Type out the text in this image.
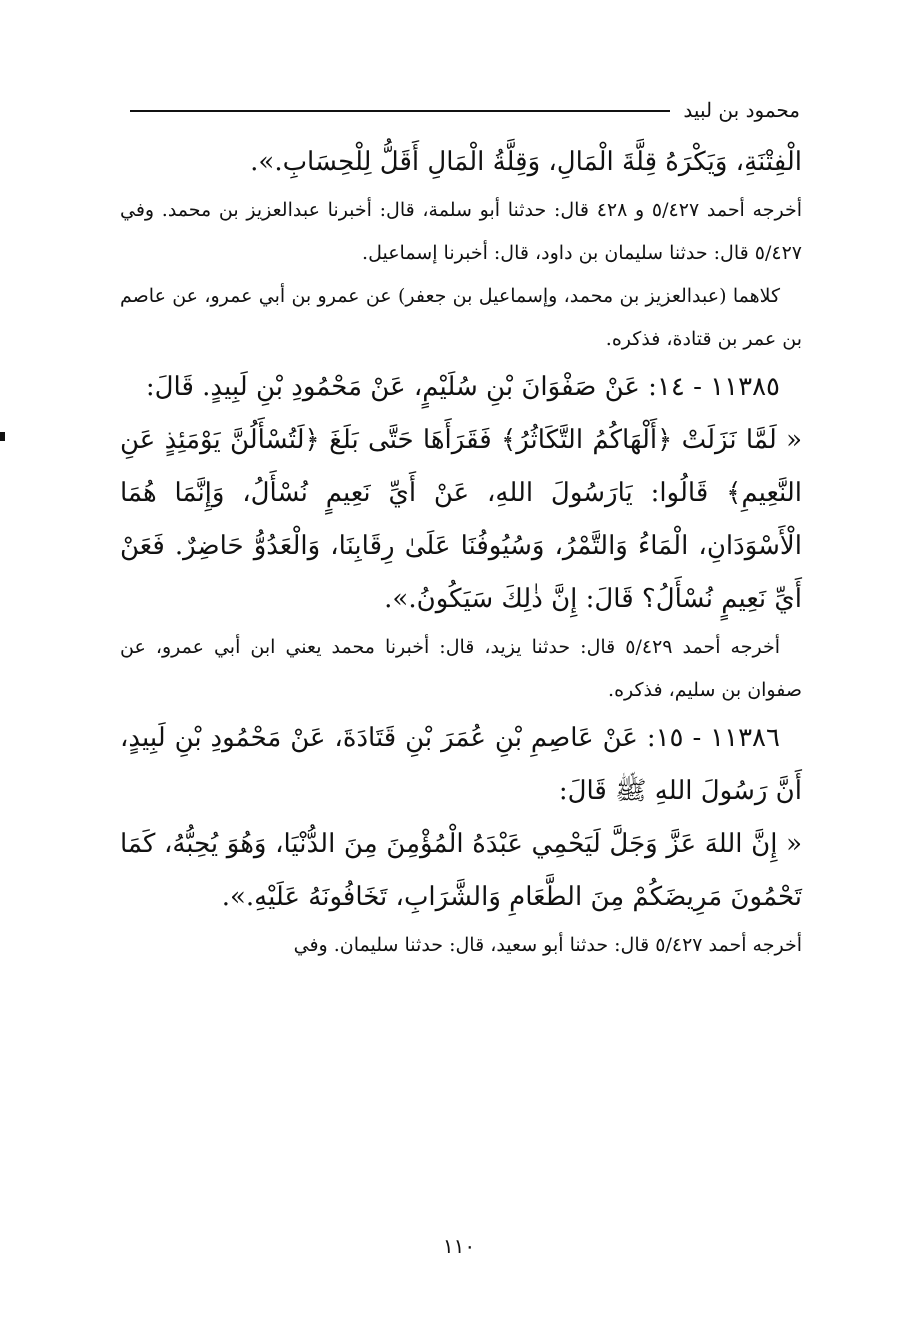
محمود بن لبيد

الْفِتْنَةِ، وَيَكْرَهُ قِلَّةَ الْمَالِ، وَقِلَّةُ الْمَالِ أَقَلُّ لِلْحِسَابِ.».

أخرجه أحمد ٥/٤٢٧ و ٤٢٨ قال: حدثنا أبو سلمة، قال: أخبرنا عبدالعزيز بن محمد. وفي ٥/٤٢٧ قال: حدثنا سليمان بن داود، قال: أخبرنا إسماعيل.

كلاهما (عبدالعزيز بن محمد، وإسماعيل بن جعفر) عن عمرو بن أبي عمرو، عن عاصم بن عمر بن قتادة، فذكره.

١١٣٨٥ - ١٤: عَنْ صَفْوَانَ بْنِ سُلَيْمٍ، عَنْ مَحْمُودِ بْنِ لَبِيدٍ. قَالَ:

« لَمَّا نَزَلَتْ ﴿أَلْهَاكُمُ التَّكَاثُرُ﴾ فَقَرَأَهَا حَتَّى بَلَغَ ﴿لَتُسْأَلُنَّ يَوْمَئِذٍ عَنِ النَّعِيمِ﴾ قَالُوا: يَارَسُولَ اللهِ، عَنْ أَيِّ نَعِيمٍ نُسْأَلُ، وَإِنَّمَا هُمَا الْأَسْوَدَانِ، الْمَاءُ وَالتَّمْرُ، وَسُيُوفُنَا عَلَىٰ رِقَابِنَا، وَالْعَدُوُّ حَاضِرٌ. فَعَنْ أَيِّ نَعِيمٍ نُسْأَلُ؟ قَالَ: إِنَّ ذٰلِكَ سَيَكُونُ.».

أخرجه أحمد ٥/٤٢٩ قال: حدثنا يزيد، قال: أخبرنا محمد يعني ابن أبي عمرو، عن صفوان بن سليم، فذكره.

١١٣٨٦ - ١٥: عَنْ عَاصِمِ بْنِ عُمَرَ بْنِ قَتَادَةَ، عَنْ مَحْمُودِ بْنِ لَبِيدٍ، أَنَّ رَسُولَ اللهِ ﷺ قَالَ:

« إِنَّ اللهَ عَزَّ وَجَلَّ لَيَحْمِي عَبْدَهُ الْمُؤْمِنَ مِنَ الدُّنْيَا، وَهُوَ يُحِبُّهُ، كَمَا تَحْمُونَ مَرِيضَكُمْ مِنَ الطَّعَامِ وَالشَّرَابِ، تَخَافُونَهُ عَلَيْهِ.».

أخرجه أحمد ٥/٤٢٧ قال: حدثنا أبو سعيد، قال: حدثنا سليمان. وفي

١١٠
